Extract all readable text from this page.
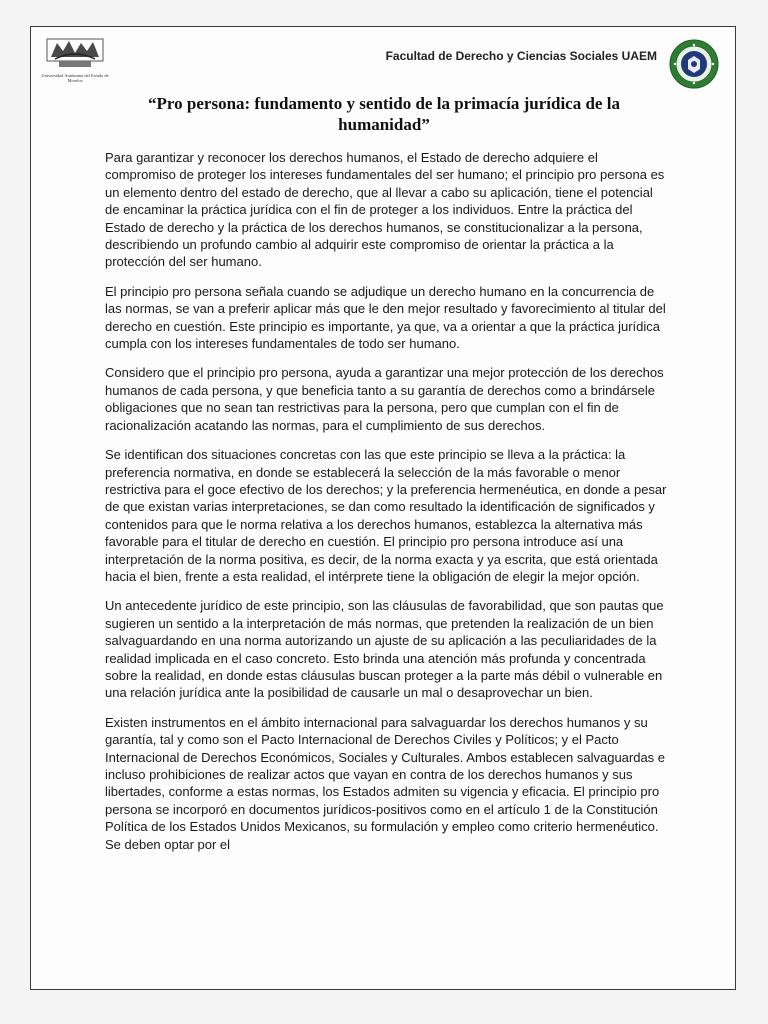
Universidad Autónoma del Estado de Morelos
Facultad de Derecho y Ciencias Sociales UAEM
“Pro persona: fundamento y sentido de la primacía jurídica de la humanidad”

Para garantizar y reconocer los derechos humanos, el Estado de derecho adquiere el compromiso de proteger los intereses fundamentales del ser humano; el principio pro persona es un elemento dentro del estado de derecho, que al llevar a cabo su aplicación, tiene el potencial de encaminar la práctica jurídica con el fin de proteger a los individuos. Entre la práctica del Estado de derecho y la práctica de los derechos humanos, se constitucionalizar a la persona, describiendo un profundo cambio al adquirir este compromiso de orientar la práctica a la protección del ser humano.

El principio pro persona señala cuando se adjudique un derecho humano en la concurrencia de las normas, se van a preferir aplicar más que le den mejor resultado y favorecimiento al titular del derecho en cuestión. Este principio es importante, ya que, va a orientar a que la práctica jurídica cumpla con los intereses fundamentales de todo ser humano.

Considero que el principio pro persona, ayuda a garantizar una mejor protección de los derechos humanos de cada persona, y que beneficia tanto a su garantía de derechos como a brindársele obligaciones que no sean tan restrictivas para la persona, pero que cumplan con el fin de racionalización acatando las normas, para el cumplimiento de sus derechos.

Se identifican dos situaciones concretas con las que este principio se lleva a la práctica: la preferencia normativa, en donde se establecerá la selección de la más favorable o menor restrictiva para el goce efectivo de los derechos; y la preferencia hermenéutica, en donde a pesar de que existan varias interpretaciones, se dan como resultado la identificación de significados y contenidos para que le norma relativa a los derechos humanos, establezca la alternativa más favorable para el titular de derecho en cuestión. El principio pro persona introduce así una interpretación de la norma positiva, es decir, de la norma exacta y ya escrita, que está orientada hacia el bien, frente a esta realidad, el intérprete tiene la obligación de elegir la mejor opción.

Un antecedente jurídico de este principio, son las cláusulas de favorabilidad, que son pautas que sugieren un sentido a la interpretación de más normas, que pretenden la realización de un bien salvaguardando en una norma autorizando un ajuste de su aplicación a las peculiaridades de la realidad implicada en el caso concreto. Esto brinda una atención más profunda y concentrada sobre la realidad, en donde estas cláusulas buscan proteger a la parte más débil o vulnerable en una relación jurídica ante la posibilidad de causarle un mal o desaprovechar un bien.

Existen instrumentos en el ámbito internacional para salvaguardar los derechos humanos y su garantía, tal y como son el Pacto Internacional de Derechos Civiles y Políticos; y el Pacto Internacional de Derechos Económicos, Sociales y Culturales. Ambos establecen salvaguardas e incluso prohibiciones de realizar actos que vayan en contra de los derechos humanos y sus libertades, conforme a estas normas, los Estados admiten su vigencia y eficacia. El principio pro persona se incorporó en documentos jurídicos-positivos como en el artículo 1 de la Constitución Política de los Estados Unidos Mexicanos, su formulación y empleo como criterio hermenéutico. Se deben optar por el
